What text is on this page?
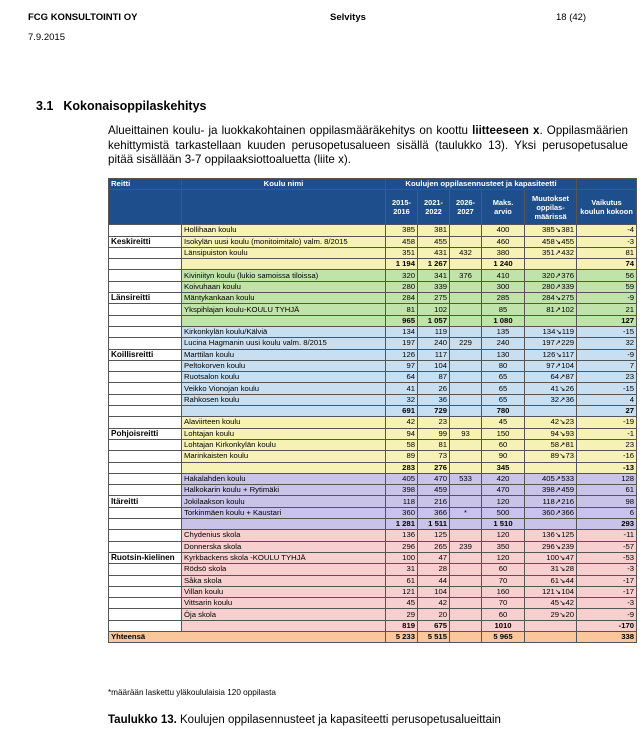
FCG KONSULTOINTI OY	Selvitys	18 (42)
7.9.2015
3.1 Kokonaisoppilaskehitys
Alueittainen koulu- ja luokkakohtainen oppilasmääräkehitys on koottu liitteeseen x. Oppilasmäärien kehittymistä tarkastellaan kuuden perusopetusalueen sisällä (taulukko 13). Yksi perusopetusalue pitää sisällään 3-7 oppilaaksiottoaluetta (liite x).
Reitti	Koulu nimi	Koulujen oppilasennusteet ja kapasiteetti					
		2015-2016	2021-2022	2026-2027	Maks. arvio	Muutokset oppilas-määrissä	Vaikutus koulun kokoon
	Hollihaan koulu	385	381		400	385↘381	-4
Keskireitti	Isokylän uusi koulu (monitoimitalo) valm. 8/2015	458	455		460	458↘455	-3
	Länsipuiston koulu	351	431	432	380	351↗432	81
		1 194	1 267		1 240		74
	Kiviniityn koulu (lukio samoissa tiloissa)	320	341	376	410	320↗376	56
	Koivuhaan koulu	280	339		300	280↗339	59
Länsireitti	Mäntykankaan koulu	284	275		285	284↘275	-9
	Ykspihlajan koulu-KOULU TYHJÄ	81	102		85	81↗102	21
		965	1 057		1 080		127
	Kirkonkylän koulu/Kälviä	134	119		135	134↘119	-15
	Lucina Hagmanin uusi koulu valm. 8/2015	197	240	229	240	197↗229	32
Koillisreitti	Marttilan koulu	126	117		130	126↘117	-9
	Peltokorven koulu	97	104		80	97↗104	7
	Ruotsalon koulu	64	87		65	64↗87	23
	Veikko Vionojan koulu	41	26		65	41↘26	-15
	Rahkosen koulu	32	36		65	32↗36	4
		691	729		780		27
	Alaviirteen koulu	42	23		45	42↘23	-19
Pohjoisreitti	Lohtajan koulu	94	99	93	150	94↘93	-1
	Lohtajan Kirkonkylän koulu	58	81		60	58↗81	23
	Marinkaisten koulu	89	73		90	89↘73	-16
		283	276		345		-13
	Hakalahden koulu	405	470	533	420	405↗533	128
	Halkokarin koulu + Rytimäki	398	459		470	398↗459	61
Itäreitti	Jokilaakson koulu	118	216		120	118↗216	98
	Torkinmäen koulu + Kaustari	360	366	*	500	360↗366	6
		1 281	1 511		1 510		293
	Chydenius skola	136	125		120	136↘125	-11
	Donnerska skola	296	265	239	350	296↘239	-57
Ruotsin-kielinen	Kyrkbackens skola -KOULU TYHJÄ	100	47		120	100↘47	-53
	Rödsö skola	31	28		60	31↘28	-3
	Såka skola	61	44		70	61↘44	-17
	Villan koulu	121	104		160	121↘104	-17
	Vittsarin koulu	45	42		70	45↘42	-3
	Öja skola	29	20		60	29↘20	-9
		819	675		1010		-170
Yhteensä		5 233	5 515		5 965		338
*määrään laskettu yläkoululaisia 120 oppilasta
Taulukko 13. Koulujen oppilasennusteet ja kapasiteetti perusopetusalueittain
